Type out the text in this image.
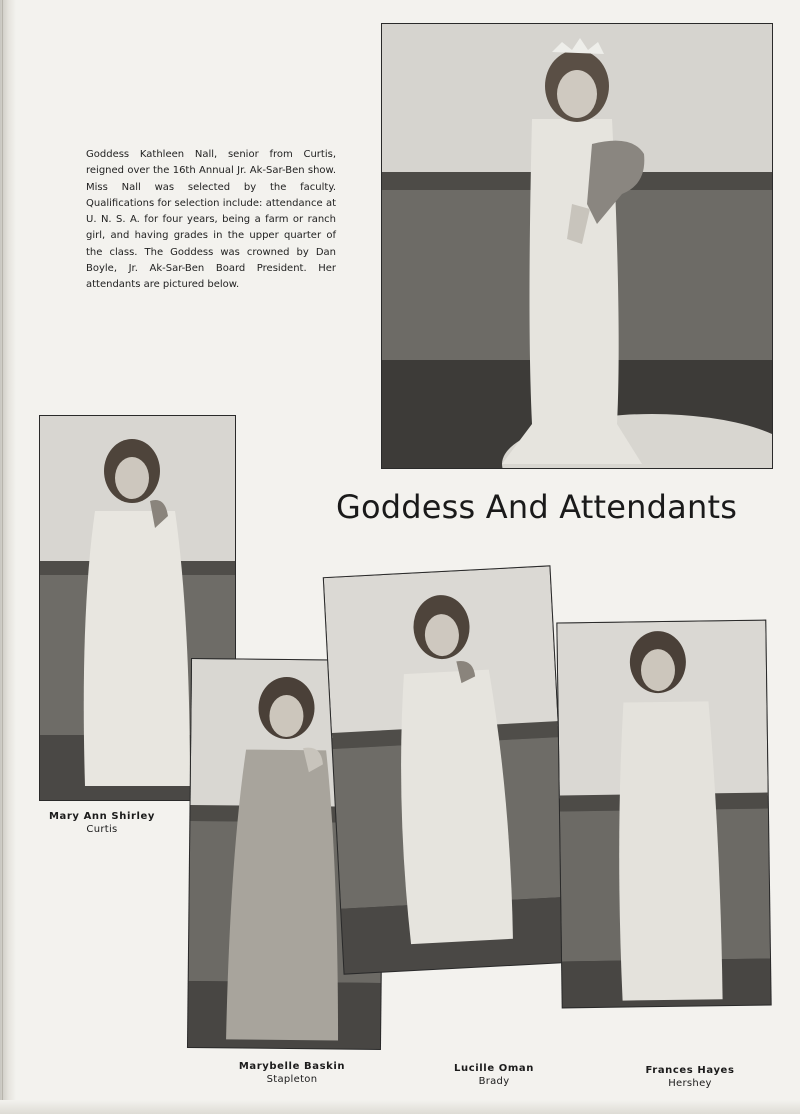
Goddess Kathleen Nall, senior from Curtis, reigned over the 16th Annual Jr. Ak-Sar-Ben show. Miss Nall was selected by the faculty. Qualifications for selection include: attendance at U. N. S. A. for four years, being a farm or ranch girl, and having grades in the upper quarter of the class. The Goddess was crowned by Dan Boyle, Jr. Ak-Sar-Ben Board President. Her attendants are pictured below.

Mary Ann Shirley
Curtis
Marybelle Baskin
Stapleton
Lucille Oman
Brady
Frances Hayes
Hershey
Goddess And Attendants
